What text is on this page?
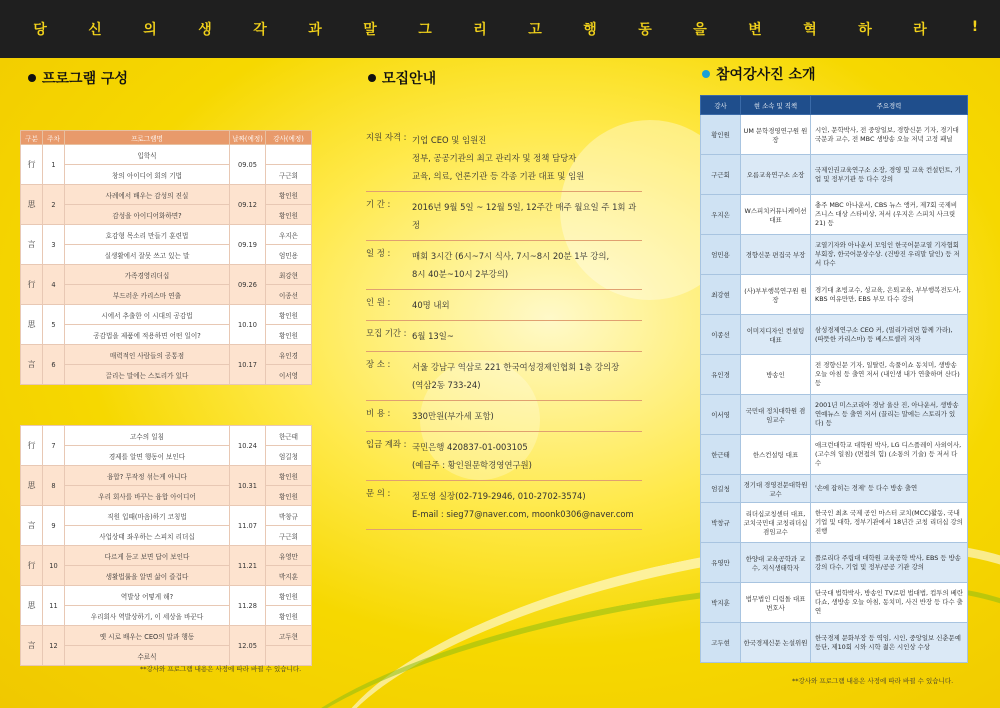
당	신	의	생	각	과	말	그	리	고	행	동	을	변	혁	하	라	!
프로그램 구성
구분	주차	프로그램명	날짜(예정)	강사(예정)
行	1	입학식	09.05	
		창의 아이디어 회의 기법		구근회
思	2	사례에서 배우는 감성의 진실	09.12	황인원
		감성을 아이디어화하면?		황인원
言	3	호감형 목소리 만들기 훈련법	09.19	우지은
		실생활에서 잘못 쓰고 있는 말		엄민용
行	4	가족경영리더십	09.26	최강현
		부드러운 카리스마 연출		이종선
思	5	시에서 추출한 이 시대의 공감법	10.10	황인원
		공감법을 제품에 적용하면 어떤 일이?		황인원
言	6	매력적인 사람들의 공통점	10.17	유인경
		끌리는 말에는 스토리가 있다		이서영
行	7	고수의 일침	10.24	한근태
		경제를 알면 행동이 보인다		엄길청
思	8	융합? 무작정 섞는게 아니다	10.31	황인원
		우리 회사를 바꾸는 융합 아이디어		황인원
言	9	직원 입때(마음)하기 코칭법	11.07	박창규
		사업상태 좌우하는 스피치 리더십		구근회
行	10	다르게 듣고 보면 답이 보인다	11.21	유영만
		생활법률을 알면 삶이 즐겁다		박지훈
思	11	역발상 어떻게 해?	11.28	황인원
		우리회사 역발상하기, 이 세상을 바꾼다		황인원
言	12	옛 시로 배우는 CEO의 말과 행동	12.05	고두현
		수료식		
**강사와 프로그램 내용은 사정에 따라 바뀔 수 있습니다.
모집안내
지원 자격 : 기업 CEO 및 임원진
정부, 공공기관의 최고 관리자 및 정책 담당자
교육, 의료, 언론기관 등 각종 기관 대표 및 임원
기 간 :	2016년 9월 5일 ~ 12월 5일, 12주간 매주 월요일 주 1회 과정
일 정 :	매회 3시간 (6시~7시 식사, 7시~8시 20분 1부 강의,
8시 40분~10시 2부강의)
인 원 :	40명 내외
모집 기간 : 6월 13일~
장 소 :	서울 강남구 역삼로 221 한국여성경제인협회 1층 강의장
(역삼2동 733-24)
비 용 :	330만원(부가세 포함)
입금 계좌 : 국민은행 420837-01-003105
(예금주 : 황인원문학경영연구원)
문 의 :	정도영 실장(02-719-2946, 010-2702-3574)
E-mail : sieg77@naver.com, moonk0306@naver.com
참여강사진 소개
강사	현 소속 및 직책	주요경력
황인원	UM 문학경영연구원 원장	시인, 문학박사, 전 중앙일보, 경향신문 기자, 경기대 국문과 교수, 전 MBC 생방송 오늘 저녁 고정 패널
구근회	오름교육연구소 소장	국제인권교육연구소 소장, 경영 및 교육 컨설턴트, 기업 및 정부기관 등 다수 강의
우지은	W스피치커뮤니케이션 대표	충주 MBC 아나운서, CBS 뉴스 앵커, 제7회 국제비즈니스 대상 스타비상, 저서 (우지은 스피치 사크릿21) 등
엄민용	경향신문 편집국 부장	교열기자와 아나운서 모임인 한국어문교열 기자협회 부회장, 한국어문상수상. (건방진 우리말 달인) 등 저서 다수
최강현	(사)부부행복연구원 원장	경기대 초빙교수, 성교육, 은퇴교육, 부부행복전도사, KBS 여유만만, EBS 부모 다수 강의
이종선	이미지디자인 컨설팅 대표	삼성경제연구소 CEO 커, (멀리가려면 함께 가라), (따뜻한 카리스마) 등 베스트셀러 저자
유인경	방송인	전 경향신문 기자, 일탈린, 속풀이쇼 동치미, 생방송 오늘 아침 등 출연 저서 (내인생 내가 연출하며 산다) 등
이서영	국민대 정치대학원 겸임교수	2001년 미스코리아 경남 울산 진, 아나운서, 생방송 연예뉴스 등 출연 저서 (끌리는 말에는 스토리가 있다) 등
한근태	한스컨설팅 대표	애크런대학교 대학원 박사, LG 디스플레이 사외이사, (고수의 일침) (면접의 힘) (소통의 기술) 등 저서 다수
엄길청	경기대 경영전문대학원 교수	'손에 잡히는 경제' 등 다수 방송 출연
박창규	리더십코칭센터 대표, 코치국민대 코칭리더십 겸임교수	한국인 최초 국제 공인 마스터 코치(MCC)활동, 국내 기업 및 대학, 정부기관에서 18년간 코칭 리더십 강의 진행
유영만	한양대 교육공학과 교수, 지식생태학자	플로리다 주립대 대학원 교육공학 박사, EBS 등 방송 강의 다수, 기업 및 정부/공공 기관 강의
박지훈	법무법인 디림돌 대표 변호사	단국대 법학박사, 방송인 TV로펌 법대법, 컵투의 베란다쇼, 생방송 오늘 아침, 동치미, 사건 반장 등 다수 출연
고두현	한국경제신문 논설위원	한국경제 문화부장 등 역임, 시인, 중앙일보 신춘문예 등단, 제10회 시와 시학 젊은 시인상 수상
**강사와 프로그램 내용은 사정에 따라 바뀔 수 있습니다.
